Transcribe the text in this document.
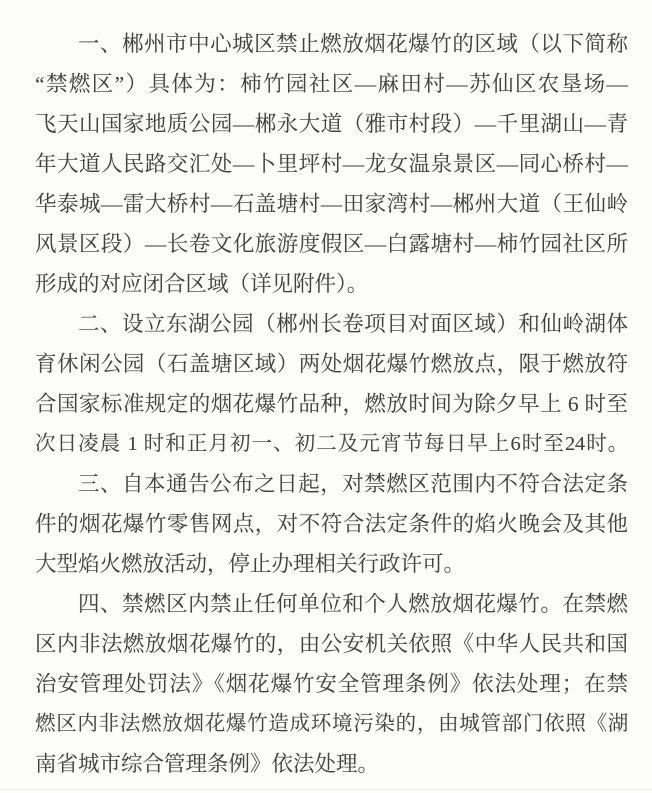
一、郴州市中心城区禁止燃放烟花爆竹的区域（以下简称
“禁燃区”）具体为：柿竹园社区—麻田村—苏仙区农垦场—
飞天山国家地质公园—郴永大道（雅市村段）—千里湖山—青
年大道人民路交汇处—卜里坪村—龙女温泉景区—同心桥村—
华泰城—雷大桥村—石盖塘村—田家湾村—郴州大道（王仙岭
风景区段）—长卷文化旅游度假区—白露塘村—柿竹园社区所
形成的对应闭合区域（详见附件）。
二、设立东湖公园（郴州长卷项目对面区域）和仙岭湖体
育休闲公园（石盖塘区域）两处烟花爆竹燃放点，限于燃放符
合国家标准规定的烟花爆竹品种，燃放时间为除夕早上 6 时至
次日凌晨 1 时和正月初一、初二及元宵节每日早上6时至24时。
三、自本通告公布之日起，对禁燃区范围内不符合法定条
件的烟花爆竹零售网点，对不符合法定条件的焰火晚会及其他
大型焰火燃放活动，停止办理相关行政许可。
四、禁燃区内禁止任何单位和个人燃放烟花爆竹。在禁燃
区内非法燃放烟花爆竹的，由公安机关依照《中华人民共和国
治安管理处罚法》《烟花爆竹安全管理条例》依法处理；在禁
燃区内非法燃放烟花爆竹造成环境污染的，由城管部门依照《湖
南省城市综合管理条例》依法处理。
